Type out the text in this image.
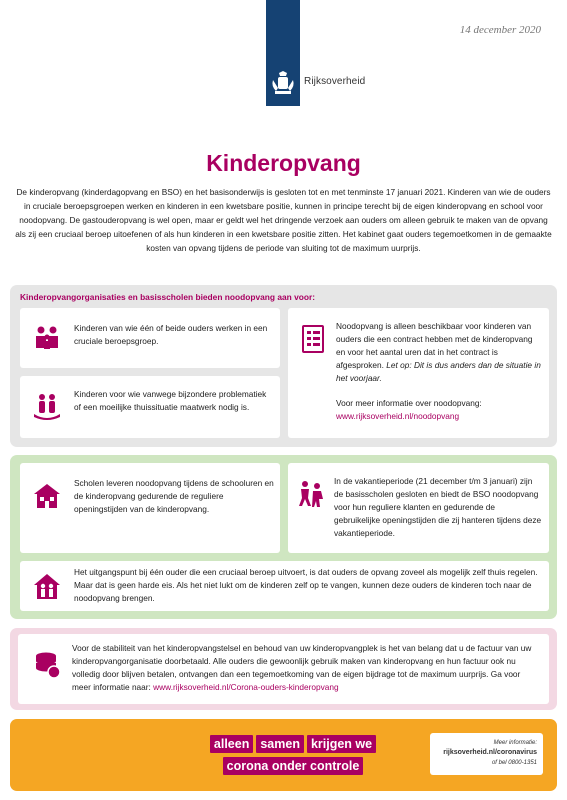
14 december 2020
Rijksoverheid
Kinderopvang

De kinderopvang (kinderdagopvang en BSO) en het basisonderwijs is gesloten tot en met tenminste 17 januari 2021. Kinderen van wie de ouders in cruciale beroepsgroepen werken en kinderen in een kwetsbare positie, kunnen in principe terecht bij de eigen kinderopvang en school voor noodopvang. De gastouderopvang is wel open, maar er geldt wel het dringende verzoek aan ouders om alleen gebruik te maken van de opvang als zij een cruciaal beroep uitoefenen of als hun kinderen in een kwetsbare positie zitten. Het kabinet gaat ouders tegemoetkomen in de gemaakte kosten van opvang tijdens de periode van sluiting tot de maximum uurprijs.

Kinderopvangorganisaties en basisscholen bieden noodopvang aan voor:
Kinderen van wie één of beide ouders werken in een cruciale beroepsgroep.
Kinderen voor wie vanwege bijzondere problematiek of een moeilijke thuissituatie maatwerk nodig is.
Noodopvang is alleen beschikbaar voor kinderen van ouders die een contract hebben met de kinderopvang en voor het aantal uren dat in het contract is afgesproken. Let op: Dit is dus anders dan de situatie in het voorjaar.
Voor meer informatie over noodopvang:
www.rijksoverheid.nl/noodopvang
Scholen leveren noodopvang tijdens de schooluren en de kinderopvang gedurende de reguliere openingstijden van de kinderopvang.
In de vakantieperiode (21 december t/m 3 januari) zijn de basisscholen gesloten en biedt de BSO noodopvang voor hun reguliere klanten en gedurende de gebruikelijke openingstijden die zij hanteren tijdens deze vakantieperiode.
Het uitgangspunt bij één ouder die een cruciaal beroep uitvoert, is dat ouders de opvang zoveel als mogelijk zelf thuis regelen. Maar dat is geen harde eis. Als het niet lukt om de kinderen zelf op te vangen, kunnen deze ouders de kinderen toch naar de noodopvang brengen.
Voor de stabiliteit van het kinderopvangstelsel en behoud van uw kinderopvangplek is het van belang dat u de factuur van uw kinderopvangorganisatie doorbetaald. Alle ouders die gewoonlijk gebruik maken van kinderopvang en hun factuur ook nu volledig door blijven betalen, ontvangen dan een tegemoetkoming van de eigen bijdrage tot de maximum uurprijs. Ga voor meer informatie naar: www.rijksoverheid.nl/Corona-ouders-kinderopvang
alleen samen krijgen we
corona onder controle
Meer informatie:
rijksoverheid.nl/coronavirus
of bel 0800-1351
